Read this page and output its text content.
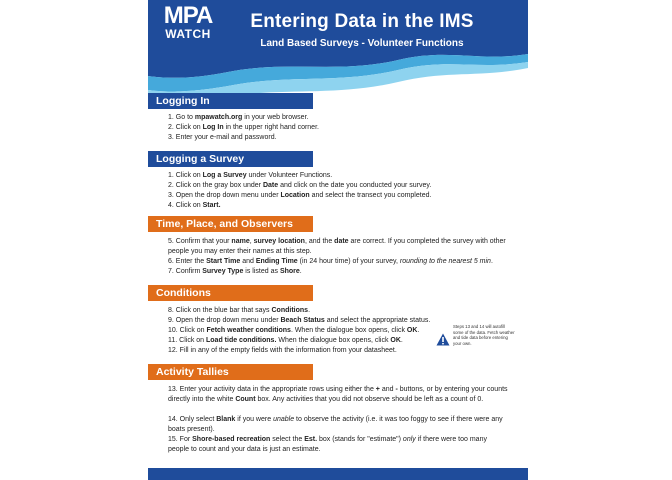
MPA
WATCH
Entering Data in the IMS
Land Based Surveys - Volunteer Functions
Logging In
1. Go to mpawatch.org in your web browser.
2. Click on Log In in the upper right hand corner.
3. Enter your e-mail and password.
Logging a Survey
1. Click on Log a Survey under Volunteer Functions.
2. Click on the gray box under Date and click on the date you conducted your survey.
3. Open the drop down menu under Location and select the transect you completed.
4. Click on Start.
Time, Place, and Observers
5. Confirm that your name, survey location, and the date are correct. If you completed the survey with other people you may enter their names at this step.
6. Enter the Start Time and Ending Time (in 24 hour time) of your survey, rounding to the nearest 5 min.
7. Confirm Survey Type is listed as Shore.
Conditions
8. Click on the blue bar that says Conditions.
9. Open the drop down menu under Beach Status and select the appropriate status.
10. Click on Fetch weather conditions. When the dialogue box opens, click OK.
11. Click on Load tide conditions. When the dialogue box opens, click OK.
12. Fill in any of the empty fields with the information from your datasheet.
Steps 13 and 14 will autofill some of the data. Fetch weather and tide data before entering your own.
Activity Tallies
13. Enter your activity data in the appropriate rows using either the + and - buttons, or by entering your counts directly into the white Count box. Any activities that you did not observe should be left as a count of 0.
14. Only select Blank if you were unable to observe the activity (i.e. it was too foggy to see if there were any boats present).
15. For Shore-based recreation select the Est. box (stands for "estimate") only if there were too many people to count and your data is just an estimate.
